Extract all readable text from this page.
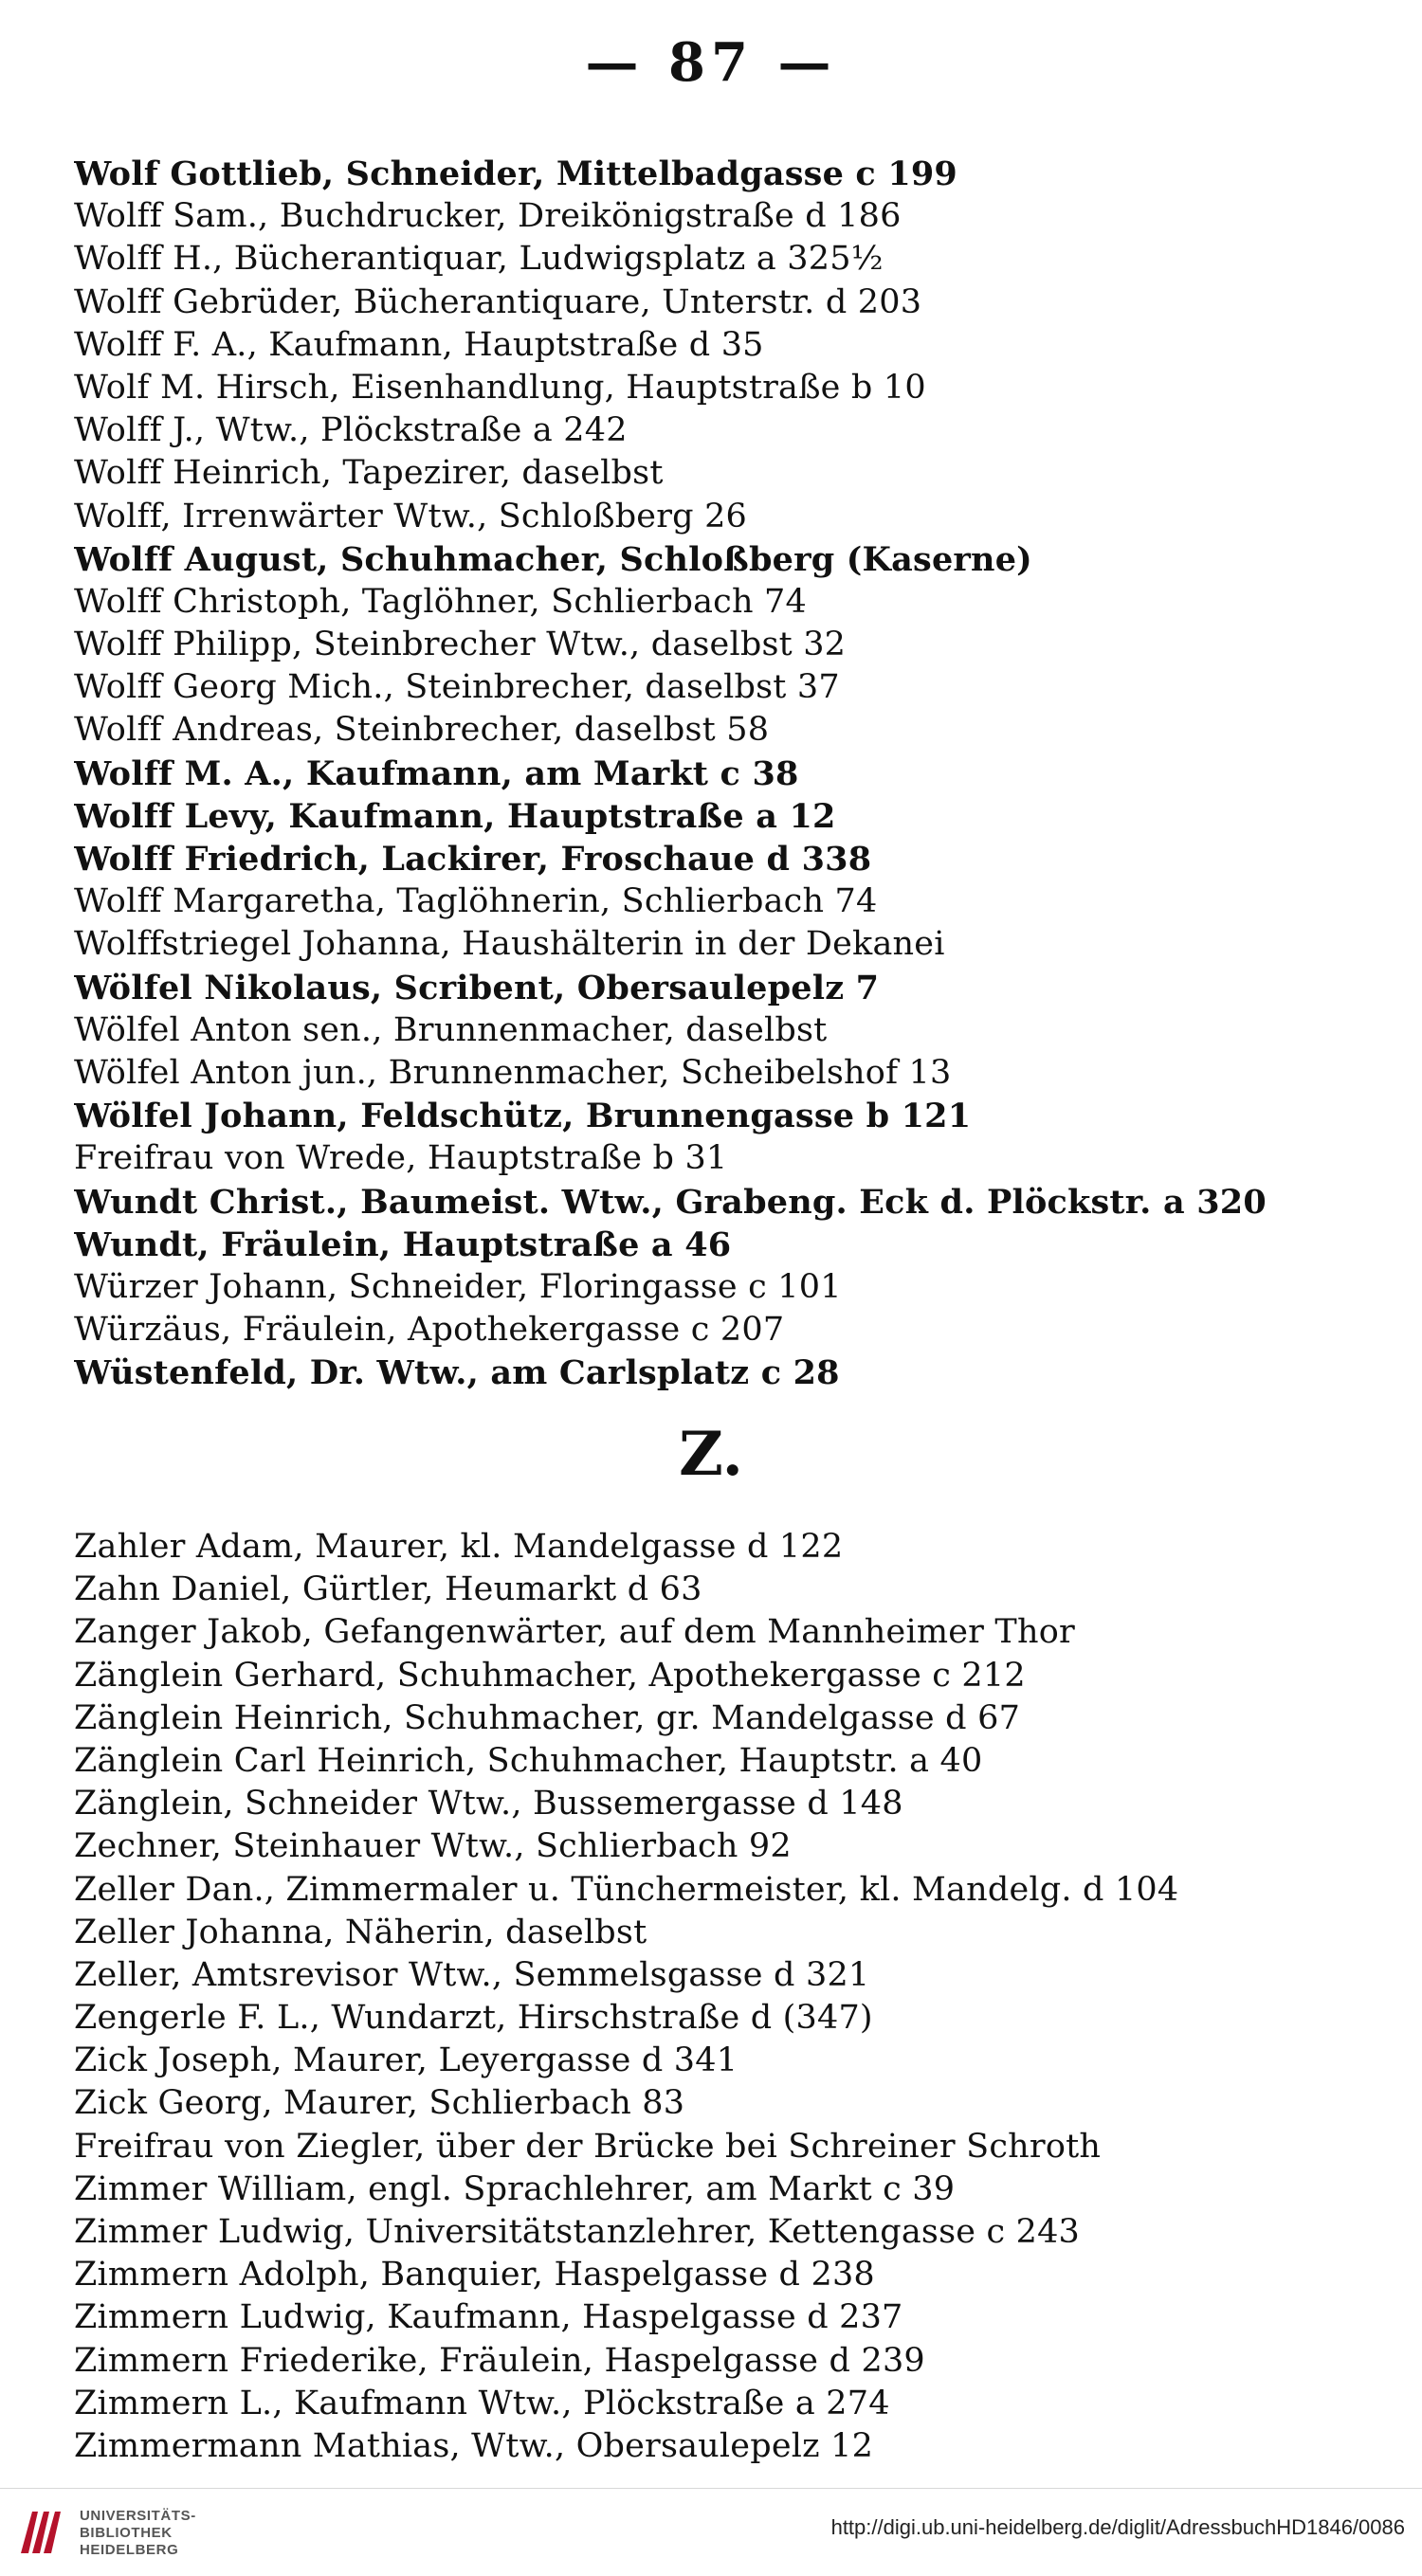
— 87 —
Wolf Gottlieb, Schneider, Mittelbadgasse c 199
Wolff Sam., Buchdrucker, Dreikönigstraße d 186
Wolff H., Bücherantiquar, Ludwigsplatz a 325½
Wolff Gebrüder, Bücherantiquare, Unterstr. d 203
Wolff F. A., Kaufmann, Hauptstraße d 35
Wolf M. Hirsch, Eisenhandlung, Hauptstraße b 10
Wolff J., Wtw., Plöckstraße a 242
Wolff Heinrich, Tapezirer, daselbst
Wolff, Irrenwärter Wtw., Schloßberg 26
Wolff August, Schuhmacher, Schloßberg (Kaserne)
Wolff Christoph, Taglöhner, Schlierbach 74
Wolff Philipp, Steinbrecher Wtw., daselbst 32
Wolff Georg Mich., Steinbrecher, daselbst 37
Wolff Andreas, Steinbrecher, daselbst 58
Wolff M. A., Kaufmann, am Markt c 38
Wolff Levy, Kaufmann, Hauptstraße a 12
Wolff Friedrich, Lackirer, Froschaue d 338
Wolff Margaretha, Taglöhnerin, Schlierbach 74
Wolffstriegel Johanna, Haushälterin in der Dekanei
Wölfel Nikolaus, Scribent, Obersaulepelz 7
Wölfel Anton sen., Brunnenmacher, daselbst
Wölfel Anton jun., Brunnenmacher, Scheibelshof 13
Wölfel Johann, Feldschütz, Brunnengasse b 121
Freifrau von Wrede, Hauptstraße b 31
Wundt Christ., Baumeist. Wtw., Grabeng. Eck d. Plöckstr. a 320
Wundt, Fräulein, Hauptstraße a 46
Würzer Johann, Schneider, Floringasse c 101
Würzäus, Fräulein, Apothekergasse c 207
Wüstenfeld, Dr. Wtw., am Carlsplatz c 28
Z.
Zahler Adam, Maurer, kl. Mandelgasse d 122
Zahn Daniel, Gürtler, Heumarkt d 63
Zanger Jakob, Gefangenwärter, auf dem Mannheimer Thor
Zänglein Gerhard, Schuhmacher, Apothekergasse c 212
Zänglein Heinrich, Schuhmacher, gr. Mandelgasse d 67
Zänglein Carl Heinrich, Schuhmacher, Hauptstr. a 40
Zänglein, Schneider Wtw., Bussemergasse d 148
Zechner, Steinhauer Wtw., Schlierbach 92
Zeller Dan., Zimmermaler u. Tünchermeister, kl. Mandelg. d 104
Zeller Johanna, Näherin, daselbst
Zeller, Amtsrevisor Wtw., Semmelsgasse d 321
Zengerle F. L., Wundarzt, Hirschstraße d (347)
Zick Joseph, Maurer, Leyergasse d 341
Zick Georg, Maurer, Schlierbach 83
Freifrau von Ziegler, über der Brücke bei Schreiner Schroth
Zimmer William, engl. Sprachlehrer, am Markt c 39
Zimmer Ludwig, Universitätstanzlehrer, Kettengasse c 243
Zimmern Adolph, Banquier, Haspelgasse d 238
Zimmern Ludwig, Kaufmann, Haspelgasse d 237
Zimmern Friederike, Fräulein, Haspelgasse d 239
Zimmern L., Kaufmann Wtw., Plöckstraße a 274
Zimmermann Mathias, Wtw., Obersaulepelz 12
UNIVERSITÄTS-
BIBLIOTHEK
HEIDELBERG
http://digi.ub.uni-heidelberg.de/diglit/AdressbuchHD1846/0086
